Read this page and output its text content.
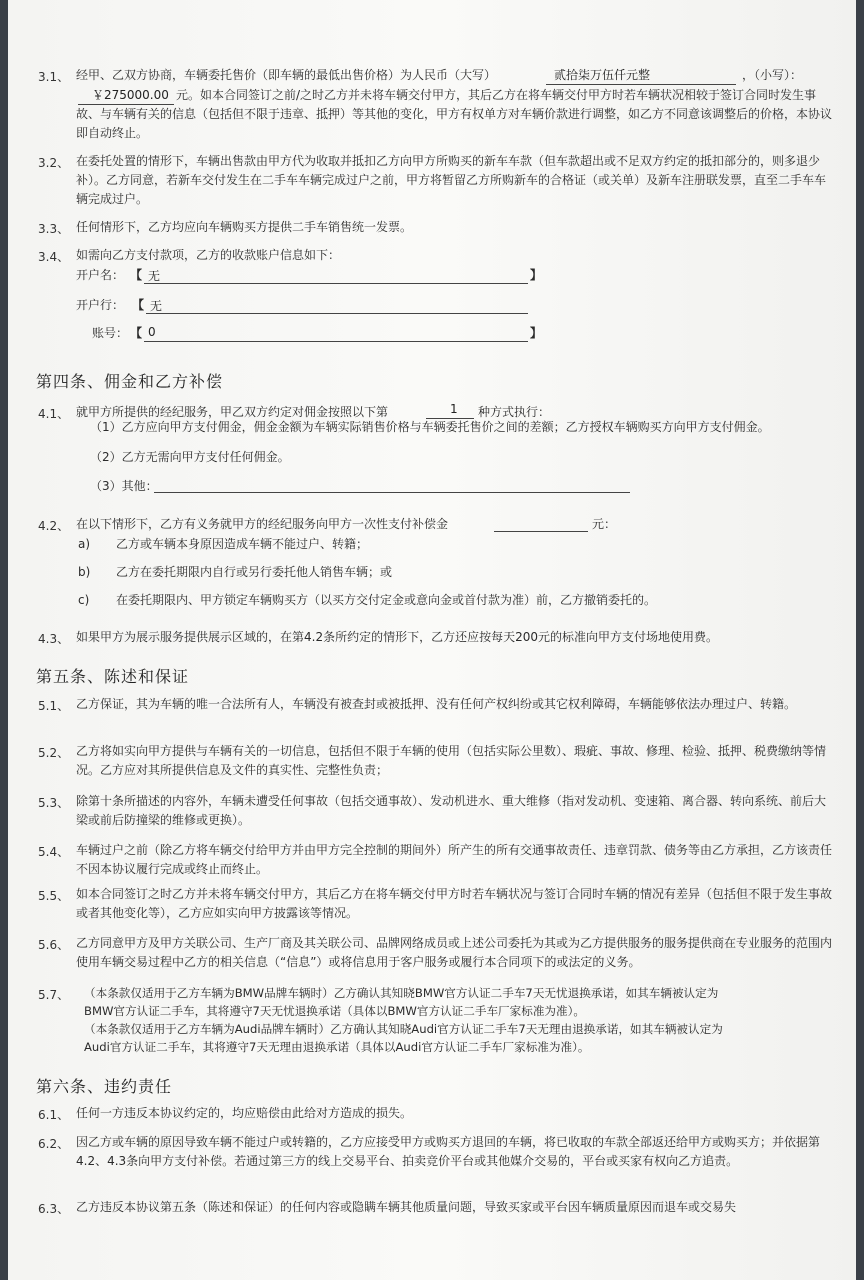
3.1、 经甲、乙双方协商，车辆委托售价（即车辆的最低出售价格）为人民币（大写）	贰拾柒万伍仟元整	，（小写）：
￥275000.00 元。如本合同签订之前/之时乙方并未将车辆交付甲方，其后乙方在将车辆交付甲方时若车辆状况相较于签订合同时发生事故、与车辆有关的信息（包括但不限于违章、抵押）等其他的变化，甲方有权单方对车辆价款进行调整，如乙方不同意该调整后的价格，本协议即自动终止。
3.2、 在委托处置的情形下，车辆出售款由甲方代为收取并抵扣乙方向甲方所购买的新车车款（但车款超出或不足双方约定的抵扣部分的，则多退少补）。乙方同意，若新车交付发生在二手车车辆完成过户之前，甲方将暂留乙方所购新车的合格证（或关单）及新车注册联发票，直至二手车车辆完成过户。
3.3、 任何情形下，乙方均应向车辆购买方提供二手车销售统一发票。
3.4、 如需向乙方支付款项，乙方的收款账户信息如下：
开户名： 【 无	】
开户行： 【 无
账号： 【 0	】
第四条、佣金和乙方补偿
4.1、 就甲方所提供的经纪服务，甲乙双方约定对佣金按照以下第	1 种方式执行：
（1）乙方应向甲方支付佣金，佣金金额为车辆实际销售价格与车辆委托售价之间的差额；乙方授权车辆购买方向甲方支付佣金。
（2）乙方无需向甲方支付任何佣金。
（3）其他：
4.2、 在以下情形下，乙方有义务就甲方的经纪服务向甲方一次性支付补偿金	元：
a) 乙方或车辆本身原因造成车辆不能过户、转籍；
b) 乙方在委托期限内自行或另行委托他人销售车辆；或
c) 在委托期限内、甲方锁定车辆购买方（以买方交付定金或意向金或首付款为准）前，乙方撤销委托的。
4.3、 如果甲方为展示服务提供展示区域的，在第4.2条所约定的情形下，乙方还应按每天200元的标准向甲方支付场地使用费。
第五条、陈述和保证
5.1、 乙方保证，其为车辆的唯一合法所有人，车辆没有被查封或被抵押、没有任何产权纠纷或其它权利障碍，车辆能够依法办理过户、转籍。
5.2、 乙方将如实向甲方提供与车辆有关的一切信息，包括但不限于车辆的使用（包括实际公里数）、瑕疵、事故、修理、检验、抵押、税费缴纳等情况。乙方应对其所提供信息及文件的真实性、完整性负责；
5.3、 除第十条所描述的内容外，车辆未遭受任何事故（包括交通事故）、发动机进水、重大维修（指对发动机、变速箱、离合器、转向系统、前后大梁或前后防撞梁的维修或更换）。
5.4、 车辆过户之前（除乙方将车辆交付给甲方并由甲方完全控制的期间外）所产生的所有交通事故责任、违章罚款、债务等由乙方承担，乙方该责任不因本协议履行完成或终止而终止。
5.5、 如本合同签订之时乙方并未将车辆交付甲方，其后乙方在将车辆交付甲方时若车辆状况与签订合同时车辆的情况有差异（包括但不限于发生事故或者其他变化等），乙方应如实向甲方披露该等情况。
5.6、 乙方同意甲方及甲方关联公司、生产厂商及其关联公司、品牌网络成员或上述公司委托为其或为乙方提供服务的服务提供商在专业服务的范围内使用车辆交易过程中乙方的相关信息（“信息”）或将信息用于客户服务或履行本合同项下的或法定的义务。
5.7、 （本条款仅适用于乙方车辆为BMW品牌车辆时）乙方确认其知晓BMW官方认证二手车7天无忧退换承诺，如其车辆被认定为
BMW官方认证二手车，其将遵守7天无忧退换承诺（具体以BMW官方认证二手车厂家标准为准）。
（本条款仅适用于乙方车辆为Audi品牌车辆时）乙方确认其知晓Audi官方认证二手车7天无理由退换承诺，如其车辆被认定为
Audi官方认证二手车，其将遵守7天无理由退换承诺（具体以Audi官方认证二手车厂家标准为准）。
第六条、违约责任
6.1、 任何一方违反本协议约定的，均应赔偿由此给对方造成的损失。
6.2、 因乙方或车辆的原因导致车辆不能过户或转籍的，乙方应接受甲方或购买方退回的车辆，将已收取的车款全部返还给甲方或购买方；并依据第4.2、4.3条向甲方支付补偿。若通过第三方的线上交易平台、拍卖竞价平台或其他媒介交易的，平台或买家有权向乙方追责。
6.3、 乙方违反本协议第五条（陈述和保证）的任何内容或隐瞒车辆其他质量问题，导致买家或平台因车辆质量原因而退车或交易失
